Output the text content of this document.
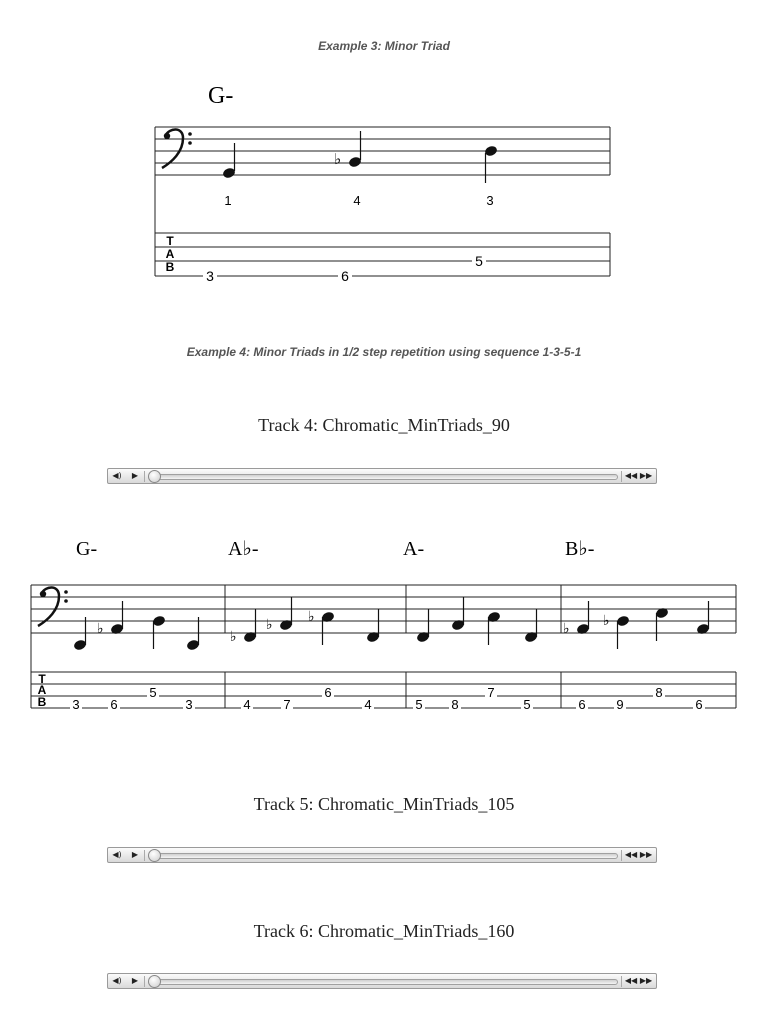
Example 3: Minor Triad
G-
♭
1	4	3
T
A
B
3	6
5
Example 4: Minor Triads in 1/2 step repetition using sequence 1-3-5-1
Track 4: Chromatic_MinTriads_90
◀)	▶	◀◀ ▶▶
G-	A♭-	A-	B♭-
T
A
B
♭	♭
♭	♭
♭ ♭
3 6
5
3	4	7
6
4	5 8
7
5	6 9
8
6
Track 5: Chromatic_MinTriads_105
◀)	▶	◀◀ ▶▶
Track 6: Chromatic_MinTriads_160
◀)	▶	◀◀ ▶▶
